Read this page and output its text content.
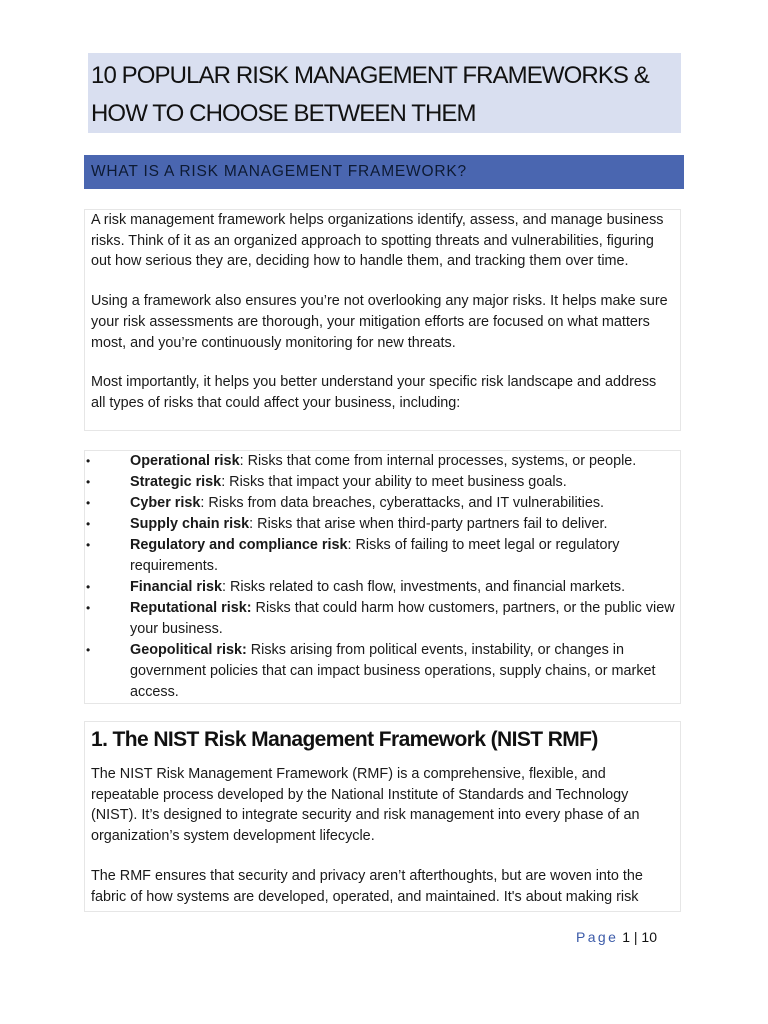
10 POPULAR RISK MANAGEMENT FRAMEWORKS &
HOW TO CHOOSE BETWEEN THEM
WHAT IS A RISK MANAGEMENT FRAMEWORK?

A risk management framework helps organizations identify, assess, and manage business risks. Think of it as an organized approach to spotting threats and vulnerabilities, figuring out how serious they are, deciding how to handle them, and tracking them over time.

Using a framework also ensures you’re not overlooking any major risks. It helps make sure your risk assessments are thorough, your mitigation efforts are focused on what matters most, and you’re continuously monitoring for new threats.

Most importantly, it helps you better understand your specific risk landscape and address all types of risks that could affect your business, including:

•	Operational risk: Risks that come from internal processes, systems, or people.
•	Strategic risk: Risks that impact your ability to meet business goals.
•	Cyber risk: Risks from data breaches, cyberattacks, and IT vulnerabilities.
•	Supply chain risk: Risks that arise when third-party partners fail to deliver.
•	Regulatory and compliance risk: Risks of failing to meet legal or regulatory requirements.
•	Financial risk: Risks related to cash flow, investments, and financial markets.
•	Reputational risk: Risks that could harm how customers, partners, or the public view your business.
•	Geopolitical risk: Risks arising from political events, instability, or changes in government policies that can impact business operations, supply chains, or market access.
1. The NIST Risk Management Framework (NIST RMF)

The NIST Risk Management Framework (RMF) is a comprehensive, flexible, and repeatable process developed by the National Institute of Standards and Technology (NIST). It’s designed to integrate security and risk management into every phase of an organization’s system development lifecycle.

The RMF ensures that security and privacy aren’t afterthoughts, but are woven into the fabric of how systems are developed, operated, and maintained. It's about making risk

Page 1 | 10
